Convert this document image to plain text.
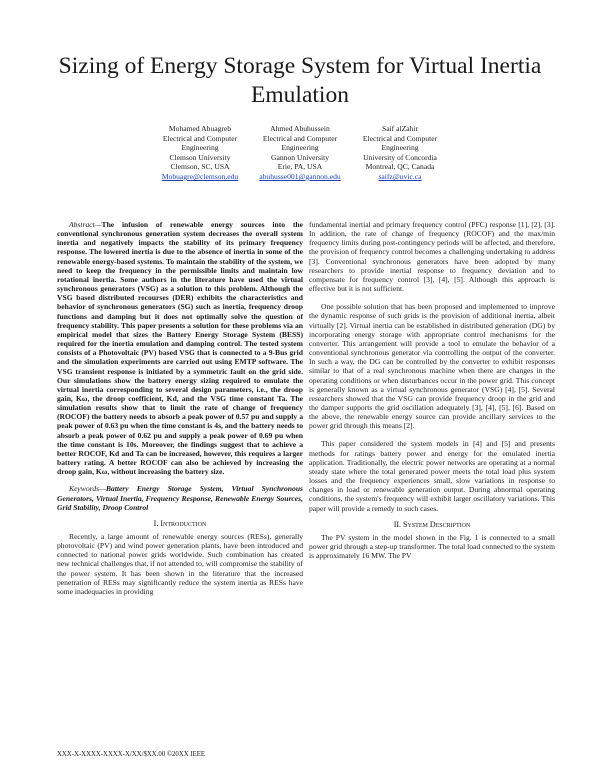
Sizing of Energy Storage System for Virtual Inertia Emulation
Mohamed Abuagreb
Electrical and Computer
Engineering
Clemson University
Clemson, SC, USA
Mobuagre@clemson.edu
Ahmed Abuhussein
Electrical and Computer
Engineering
Gannon University
Erie, PA, USA
abuhusse001@gannon.edu
Saif alZahir
Electrical and Computer
Engineering
University of Concordia
Montreal, QC, Canada
saifz@uvic.ca

Abstract—The infusion of renewable energy sources into the conventional synchronous generation system decreases the overall system inertia and negatively impacts the stability of its primary frequency response. The lowered inertia is due to the absence of inertia in some of the renewable energy-based systems. To maintain the stability of the system, we need to keep the frequency in the permissible limits and maintain low rotational inertia. Some authors in the literature have used the virtual synchronous generators (VSG) as a solution to this problem. Although the VSG based distributed recourses (DER) exhibits the characteristics and behavior of synchronous generators (SG) such as inertia, frequency droop functions and damping but it does not optimally solve the question of frequency stability. This paper presents a solution for these problems via an empirical model that sizes the Battery Energy Storage System (BESS) required for the inertia emulation and damping control. The tested system consists of a Photovoltaic (PV) based VSG that is connected to a 9-Bus grid and the simulation experiments are carried out using EMTP software. The VSG transient response is initiated by a symmetric fault on the grid side. Our simulations show the battery energy sizing required to emulate the virtual inertia corresponding to several design parameters, i.e., the droop gain, Kω, the droop coefficient, Kd, and the VSG time constant Ta. The simulation results show that to limit the rate of change of frequency (ROCOF) the battery needs to absorb a peak power of 0.57 pu and supply a peak power of 0.63 pu when the time constant is 4s, and the battery needs to absorb a peak power of 0.62 pu and supply a peak power of 0.69 pu when the time constant is 10s. Moreover, the findings suggest that to achieve a better ROCOF, Kd and Ta can be increased, however, this requires a larger battery rating. A better ROCOF can also be achieved by increasing the droop gain, Kω, without increasing the battery size.

Keywords—Battery Energy Storage System, Virtual Synchronous Generators, Virtual Inertia, Frequency Response, Renewable Energy Sources, Grid Stability, Droop Control

I. Introduction

Recently, a large amount of renewable energy sources (RESs), generally photovoltaic (PV) and wind power generation plants, have been introduced and connected to national power grids worldwide. Such combination has created new technical challenges that, if not attended to, will compromise the stability of the power system. It has been shown in the literature that the increased penetration of RESs may significantly reduce the system inertia as RESs have some inadequacies in providing

fundamental inertial and primary frequency control (PFC) response [1], [2], [3]. In addition, the rate of change of frequency (ROCOF) and the max/min frequency limits during post-contingency periods will be affected, and therefore, the provision of frequency control becomes a challenging undertaking to address [3]. Conventional synchronous generators have been adopted by many researchers to provide inertial response to frequency deviation and to compensate for frequency control [3], [4], [5]. Although this approach is effective but it is not sufficient.

One possible solution that has been proposed and implemented to improve the dynamic response of such grids is the provision of additional inertia, albeit virtually [2]. Virtual inertia can be established in distributed generation (DG) by incorporating energy storage with appropriate control mechanisms for the converter. This arrangement will provide a tool to emulate the behavior of a conventional synchronous generator via controlling the output of the converter. In such a way, the DG can be controlled by the converter to exhibit responses similar to that of a real synchronous machine when there are changes in the operating conditions or when disturbances occur in the power grid. This concept is generally known as a virtual synchronous generator (VSG) [4], [5]. Several researchers showed that the VSG can provide frequency droop in the grid and the damper supports the grid oscillation adequately [3], [4], [5], [6]. Based on the above, the renewable energy source can provide ancillary services to the power grid through this means [2].

This paper considered the system models in [4] and [5] and presents methods for ratings battery power and energy for the emulated inertia application. Traditionally, the electric power networks are operating at a normal steady state where the total generated power meets the total load plus system losses and the frequency experiences small, slow variations in response to changes in load or renewable generation output. During abnormal operating conditions, the system's frequency will exhibit larger oscillatory variations. This paper will provide a remedy to such cases.

II. System Description

The PV system in the model shown in the Fig. 1 is connected to a small power grid through a step-up transformer. The total load connected to the system is approximately 16 MW. The PV

XXX-X-XXXX-XXXX-X/XX/$XX.00 ©20XX IEEE
